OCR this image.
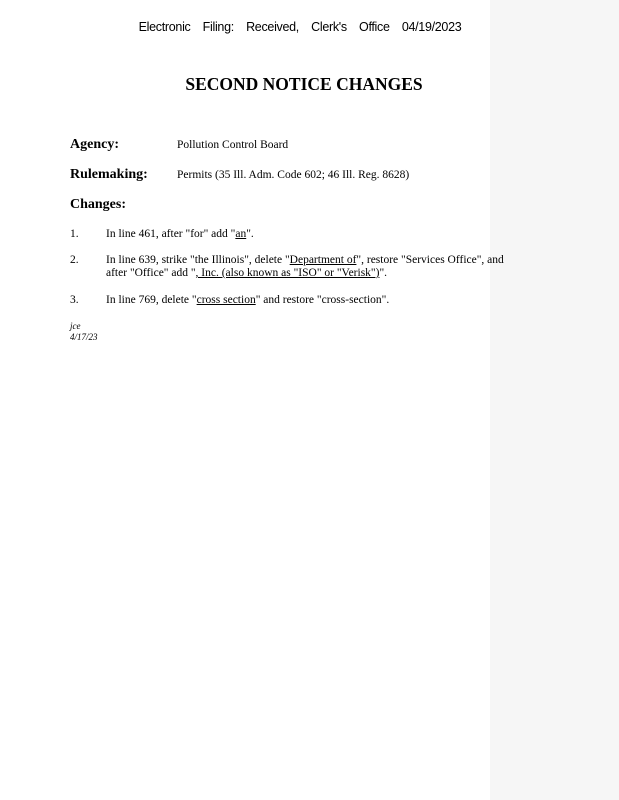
Electronic Filing: Received, Clerk's Office 04/19/2023
SECOND NOTICE CHANGES
Agency:	Pollution Control Board
Rulemaking:	Permits (35 Ill. Adm. Code 602; 46 Ill. Reg. 8628)
Changes:
1. In line 461, after "for" add "an".
2. In line 639, strike "the Illinois", delete "Department of", restore "Services Office", and after "Office" add ", Inc. (also known as "ISO" or "Verisk")".
3. In line 769, delete "cross section" and restore "cross-section".
jce
4/17/23
